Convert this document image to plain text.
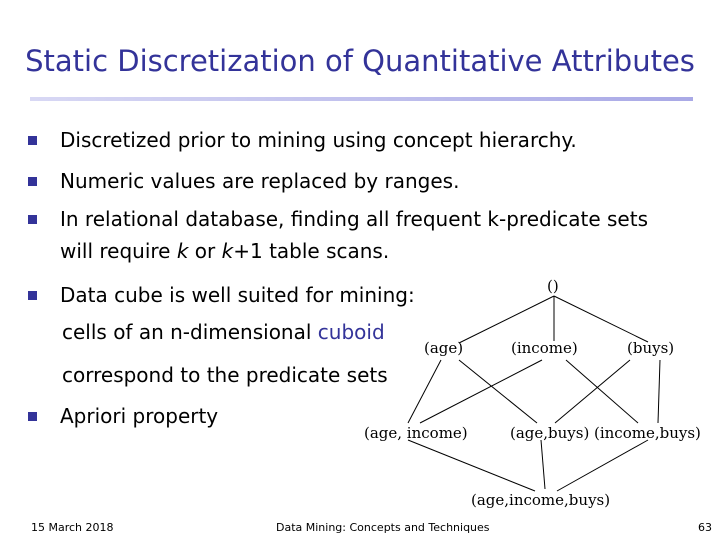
Static Discretization of Quantitative Attributes
Discretized prior to mining using concept hierarchy.
Numeric values are replaced by ranges.
In relational database, finding all frequent k-predicate sets
will require k or k+1 table scans.
Data cube is well suited for mining:
cells of an n-dimensional cuboid
correspond to the predicate sets
Apriori property
()
(age)	(income)	(buys)
(age, income)	(age,buys) (income,buys)
(age,income,buys)
15 March 2018	Data Mining: Concepts and Techniques	63
